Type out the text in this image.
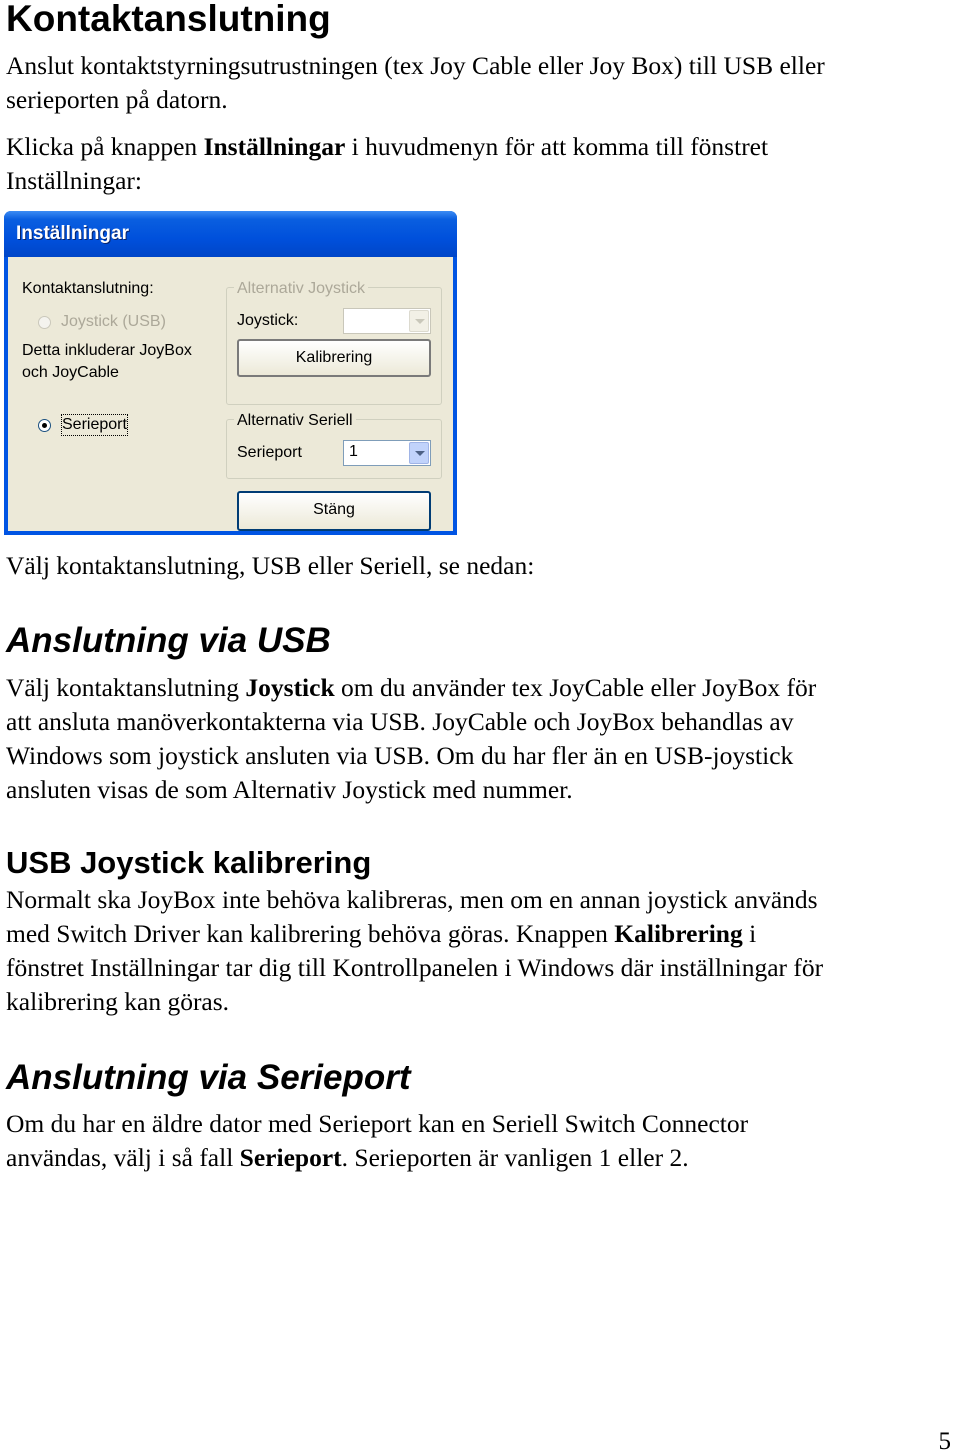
Kontaktanslutning
Anslut kontaktstyrningsutrustningen (tex Joy Cable eller Joy Box) till USB eller
serieporten på datorn.
Klicka på knappen Inställningar i huvudmenyn för att komma till fönstret
Inställningar:
Inställningar
Kontaktanslutning:
Joystick (USB)
Detta inkluderar JoyBox
och JoyCable
Serieport
Alternativ Joystick
Joystick:
Kalibrering
Alternativ Seriell
Serieport	1
Stäng
Välj kontaktanslutning, USB eller Seriell, se nedan:
Anslutning via USB
Välj kontaktanslutning Joystick om du använder tex JoyCable eller JoyBox för
att ansluta manöverkontakterna via USB. JoyCable och JoyBox behandlas av
Windows som joystick ansluten via USB. Om du har fler än en USB-joystick
ansluten visas de som Alternativ Joystick med nummer.
USB Joystick kalibrering
Normalt ska JoyBox inte behöva kalibreras, men om en annan joystick används
med Switch Driver kan kalibrering behöva göras. Knappen Kalibrering i
fönstret Inställningar tar dig till Kontrollpanelen i Windows där inställningar för
kalibrering kan göras.
Anslutning via Serieport
Om du har en äldre dator med Serieport kan en Seriell Switch Connector
användas, välj i så fall Serieport. Serieporten är vanligen 1 eller 2.
5
